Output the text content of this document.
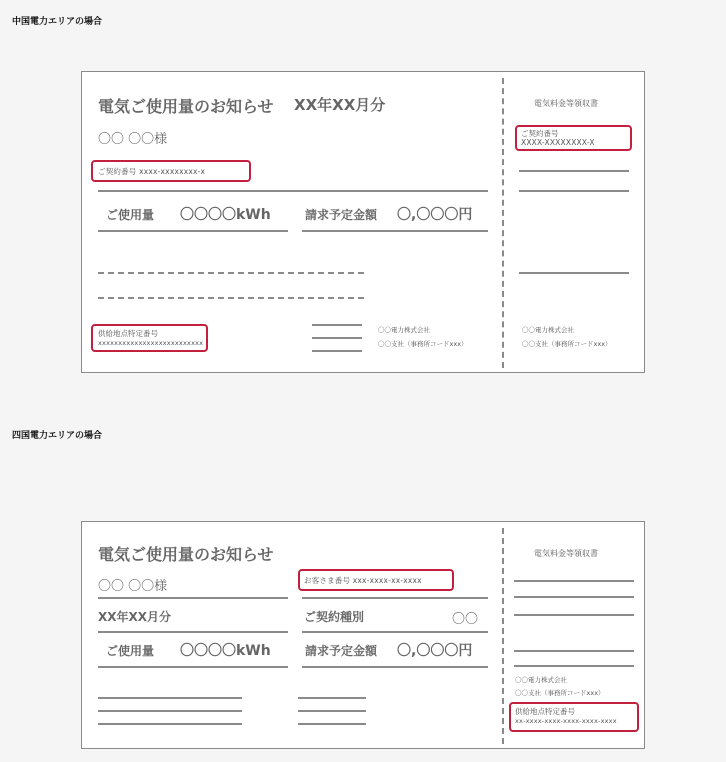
中国電力エリアの場合
電気ご使用量のお知らせ XX年XX月分
〇〇 〇〇様
ご契約番号 xxxx-xxxxxxxx-x
ご使用量 〇〇〇〇kWh	請求予定金額 〇,〇〇〇円
供給地点特定番号
xxxxxxxxxxxxxxxxxxxxxxxxxx
〇〇電力株式会社
〇〇支社（事務所コードxxx）
電気料金等領収書
ご契約番号
XXXX-XXXXXXXX-X
〇〇電力株式会社
〇〇支社（事務所コードxxx）
四国電力エリアの場合
電気ご使用量のお知らせ
〇〇 〇〇様	お客さま番号 xxx-xxxx-xx-xxxx
XX年XX月分	ご契約種別	〇〇
ご使用量 〇〇〇〇kWh	請求予定金額 〇,〇〇〇円
電気料金等領収書
〇〇電力株式会社
〇〇支社（事務所コードxxx）
供給地点特定番号
xx-xxxx-xxxx-xxxx-xxxx-xxxx
